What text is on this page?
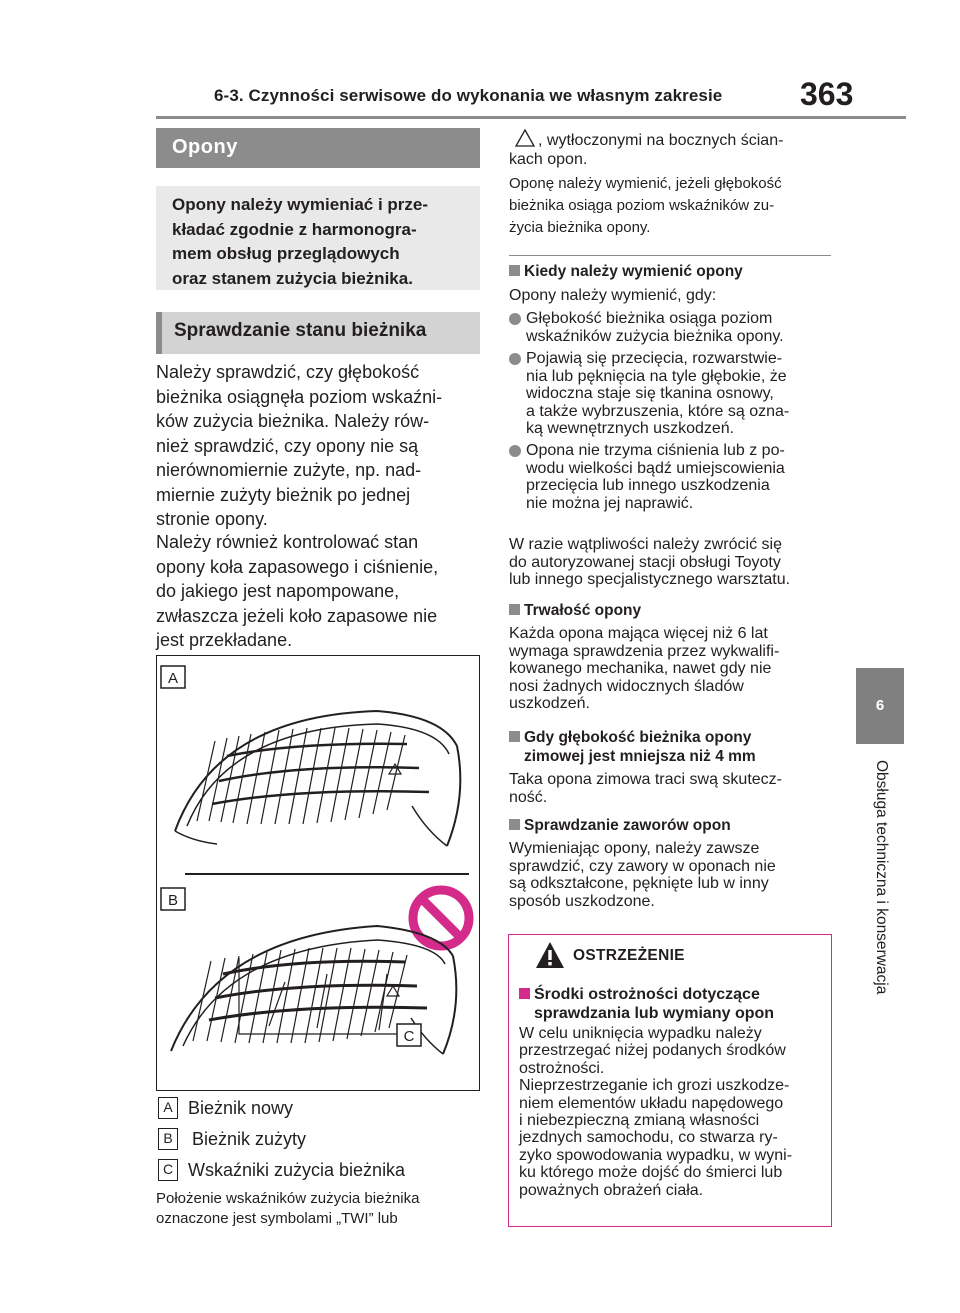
6-3. Czynności serwisowe do wykonania we własnym zakresie 363
6
Obsługa techniczna i konserwacja
Opony
Opony należy wymieniać i prze-
kładać zgodnie z harmonogra-
mem obsług przeglądowych
oraz stanem zużycia bieżnika.
Sprawdzanie stanu bieżnika
Należy sprawdzić, czy głębokość
bieżnika osiągnęła poziom wskaźni-
ków zużycia bieżnika. Należy rów-
nież sprawdzić, czy opony nie są
nierównomiernie zużyte, np. nad-
miernie zużyty bieżnik po jednej
stronie opony.
Należy również kontrolować stan
opony koła zapasowego i ciśnienie,
do jakiego jest napompowane,
zwłaszcza jeżeli koło zapasowe nie
jest przekładane.
A
B
C
A Bieżnik nowy
B Bieżnik zużyty
C Wskaźniki zużycia bieżnika
Położenie wskaźników zużycia bieżnika
oznaczone jest symbolami „TWI” lub
, wytłoczonymi na bocznych ścian-
kach opon.
Oponę należy wymienić, jeżeli głębokość
bieżnika osiąga poziom wskaźników zu-
życia bieżnika opony.
Kiedy należy wymienić opony
Opony należy wymienić, gdy:
Głębokość bieżnika osiąga poziom
wskaźników zużycia bieżnika opony.
Pojawią się przecięcia, rozwarstwie-
nia lub pęknięcia na tyle głębokie, że
widoczna staje się tkanina osnowy,
a także wybrzuszenia, które są ozna-
ką wewnętrznych uszkodzeń.
Opona nie trzyma ciśnienia lub z po-
wodu wielkości bądź umiejscowienia
przecięcia lub innego uszkodzenia
nie można jej naprawić.
W razie wątpliwości należy zwrócić się
do autoryzowanej stacji obsługi Toyoty
lub innego specjalistycznego warsztatu.
Trwałość opony
Każda opona mająca więcej niż 6 lat
wymaga sprawdzenia przez wykwalifi-
kowanego mechanika, nawet gdy nie
nosi żadnych widocznych śladów
uszkodzeń.
Gdy głębokość bieżnika opony
zimowej jest mniejsza niż 4 mm
Taka opona zimowa traci swą skutecz-
ność.
Sprawdzanie zaworów opon
Wymieniając opony, należy zawsze
sprawdzić, czy zawory w oponach nie
są odkształcone, pęknięte lub w inny
sposób uszkodzone.
OSTRZEŻENIE
Środki ostrożności dotyczące
sprawdzania lub wymiany opon
W celu uniknięcia wypadku należy
przestrzegać niżej podanych środków
ostrożności.
Nieprzestrzeganie ich grozi uszkodze-
niem elementów układu napędowego
i niebezpieczną zmianą własności
jezdnych samochodu, co stwarza ry-
zyko spowodowania wypadku, w wyni-
ku którego może dojść do śmierci lub
poważnych obrażeń ciała.
